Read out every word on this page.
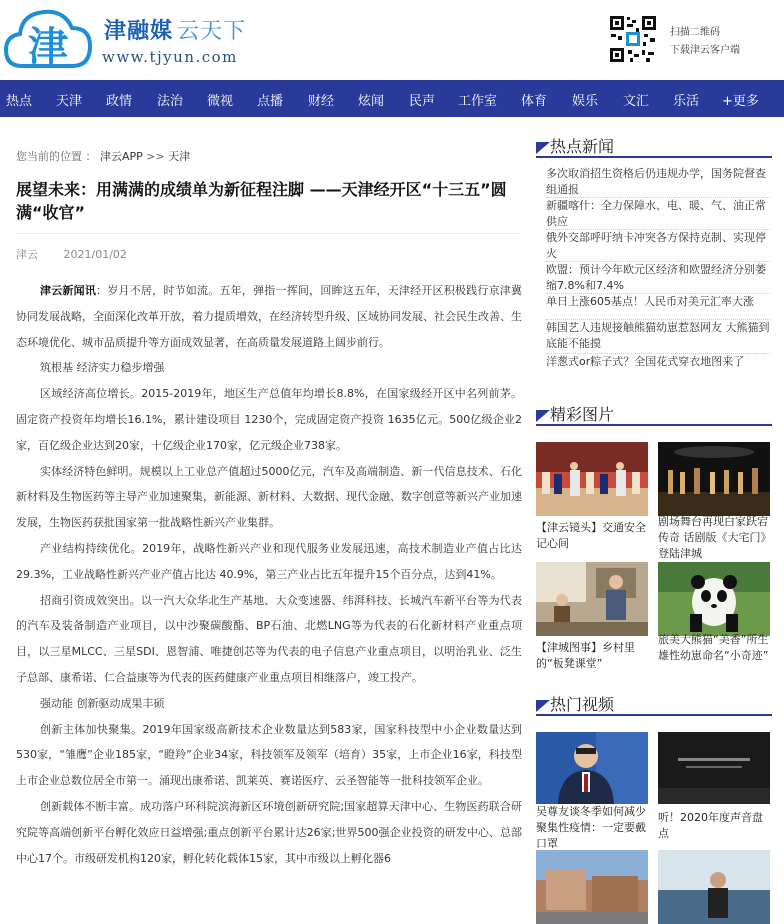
津 津融媒 云天下
www.tjyun.com
扫描二维码
下载津云客户端
热点 天津 政情 法治 微视 点播 财经 炫闻 民声 工作室 体育 娱乐 文汇 乐活 +更多
您当前的位置 ： 津云APP >> 天津
展望未来：用满满的成绩单为新征程注脚 ——天津经开区“十三五”圆满“收官”
津云 2021/01/02

津云新闻讯：岁月不居，时节如流。五年，弹指一挥间，回眸这五年，天津经开区积极践行京津冀协同发展战略，全面深化改革开放，着力提质增效，在经济转型升级、区域协同发展、社会民生改善、生态环境优化、城市品质提升等方面成效显著，在高质量发展道路上阔步前行。

筑根基 经济实力稳步增强

区域经济高位增长。2015-2019年，地区生产总值年均增长8.8%，在国家级经开区中名列前茅。固定资产投资年均增长16.1%，累计建设项目 1230个，完成固定资产投资 1635亿元。500亿级企业2家，百亿级企业达到20家，十亿级企业170家，亿元级企业738家。

实体经济特色鲜明。规模以上工业总产值超过5000亿元，汽车及高端制造、新一代信息技术、石化新材料及生物医药等主导产业加速聚集，新能源、新材料、大数据、现代金融、数字创意等新兴产业加速发展，生物医药获批国家第一批战略性新兴产业集群。

产业结构持续优化。2019年，战略性新兴产业和现代服务业发展迅速，高技术制造业产值占比达29.3%，工业战略性新兴产业产值占比达 40.9%，第三产业占比五年提升15个百分点，达到41%。

招商引资成效突出。以一汽大众华北生产基地、大众变速器、纬湃科技、长城汽车新平台等为代表的汽车及装备制造产业项目，以中沙聚碳酸酯、BP石油、北燃LNG等为代表的石化新材料产业重点项目，以三星MLCC、三星SDI、恩智浦、唯捷创芯等为代表的电子信息产业重点项目，以明治乳业、泛生子总部、康希诺、仁合益康等为代表的医药健康产业重点项目相继落户，竣工投产。

强动能 创新驱动成果丰硕

创新主体加快聚集。2019年国家级高新技术企业数量达到583家，国家科技型中小企业数量达到530家，“雏鹰”企业185家，“瞪羚”企业34家，科技领军及领军（培育）35家，上市企业16家，科技型上市企业总数位居全市第一。涌现出康希诺、凯莱英、赛诺医疗、云圣智能等一批科技领军企业。

创新载体不断丰富。成功落户环科院滨海新区环境创新研究院;国家超算天津中心、生物医药联合研究院等高端创新平台孵化效应日益增强;重点创新平台累计达26家;世界500强企业投资的研发中心、总部中心17个。市级研发机构120家，孵化转化载体15家，其中市级以上孵化器6

热点新闻
多次取消招生资格后仍违规办学，国务院督查组通报
新疆喀什：全力保障水、电、暖、气、油正常供应
俄外交部呼吁纳卡冲突各方保持克制、实现停火
欧盟：预计今年欧元区经济和欧盟经济分别萎缩7.8%和7.4%
单日上涨605基点！人民币对美元汇率大涨
韩国艺人违规接触熊猫幼崽惹怒网友 大熊猫到底能不能摸
洋葱式or粽子式？全国花式穿衣地图来了
精彩图片
【津云镜头】交通安全记心间
剧场舞台再现白家跃宕传奇 话剧版《大宅门》登陆津城
【津城图事】乡村里的“板凳课堂”
旅美大熊猫“美香”所生雄性幼崽命名“小奇迹”
热门视频
吴尊友谈冬季如何减少聚集性疫情：一定要戴口罩
听！2020年度声音盘点
